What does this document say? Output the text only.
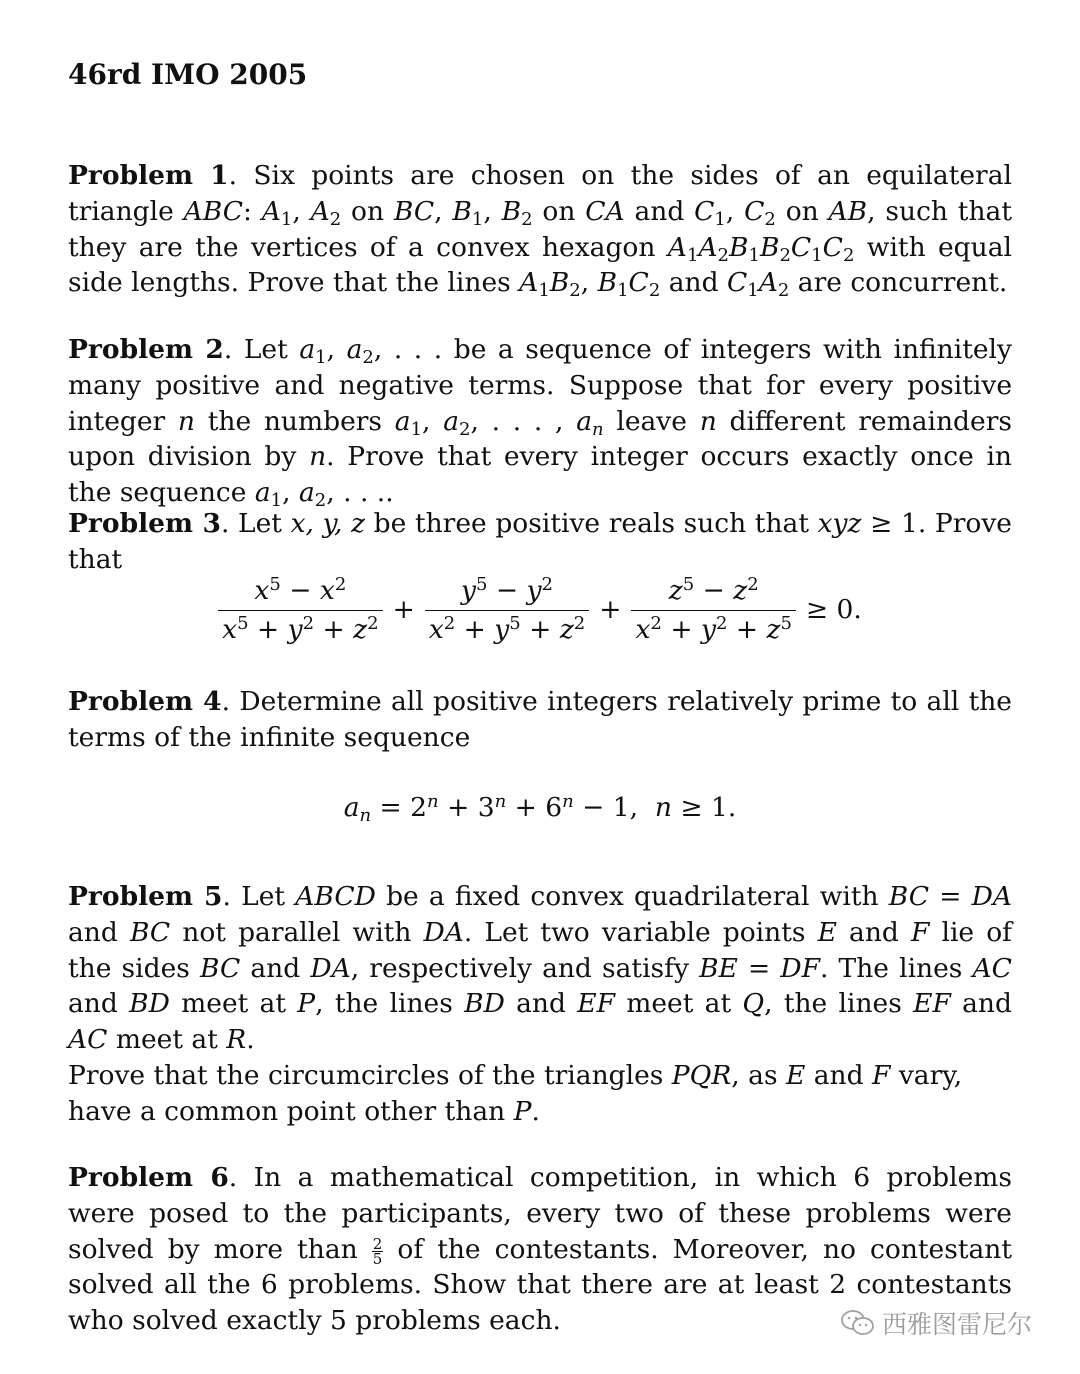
46rd IMO 2005

Problem 1. Six points are chosen on the sides of an equilateral triangle ABC: $A_1$, $A_2$ on BC, $B_1$, $B_2$ on CA and $C_1$, $C_2$ on AB, such that they are the vertices of a convex hexagon $A_1A_2B_1B_2C_1C_2$ with equal side lengths. Prove that the lines $A_1B_2$, $B_1C_2$ and $C_1A_2$ are concurrent.

Problem 2. Let $a_1$, $a_2$, . . . be a sequence of integers with infinitely many positive and negative terms. Suppose that for every positive integer n the numbers $a_1$, $a_2$, . . . , $a_n$ leave n different remainders upon division by n. Prove that every integer occurs exactly once in the sequence $a_1$, $a_2$, . . ..

Problem 3. Let x, y, z be three positive reals such that xyz ≥ 1. Prove that

$\frac{x^5 - x^2}{x^5 + y^2 + z^2} + \frac{y^5 - y^2}{x^2 + y^5 + z^2} + \frac{z^5 - z^2}{x^2 + y^2 + z^5} \ge 0$.

Problem 4. Determine all positive integers relatively prime to all the terms of the infinite sequence

$a_n = 2^n + 3^n + 6^n - 1$,  n ≥ 1.

Problem 5. Let ABCD be a fixed convex quadrilateral with BC = DA and BC not parallel with DA. Let two variable points E and F lie of the sides BC and DA, respectively and satisfy BE = DF. The lines AC and BD meet at P, the lines BD and EF meet at Q, the lines EF and AC meet at R.

Prove that the circumcircles of the triangles PQR, as E and F vary, have a common point other than P.

Problem 6. In a mathematical competition, in which 6 problems were posed to the participants, every two of these problems were solved by more than $\frac{2}{5}$ of the contestants. Moreover, no contestant solved all the 6 problems. Show that there are at least 2 contestants who solved exactly 5 problems each.	西雅图雷尼尔
